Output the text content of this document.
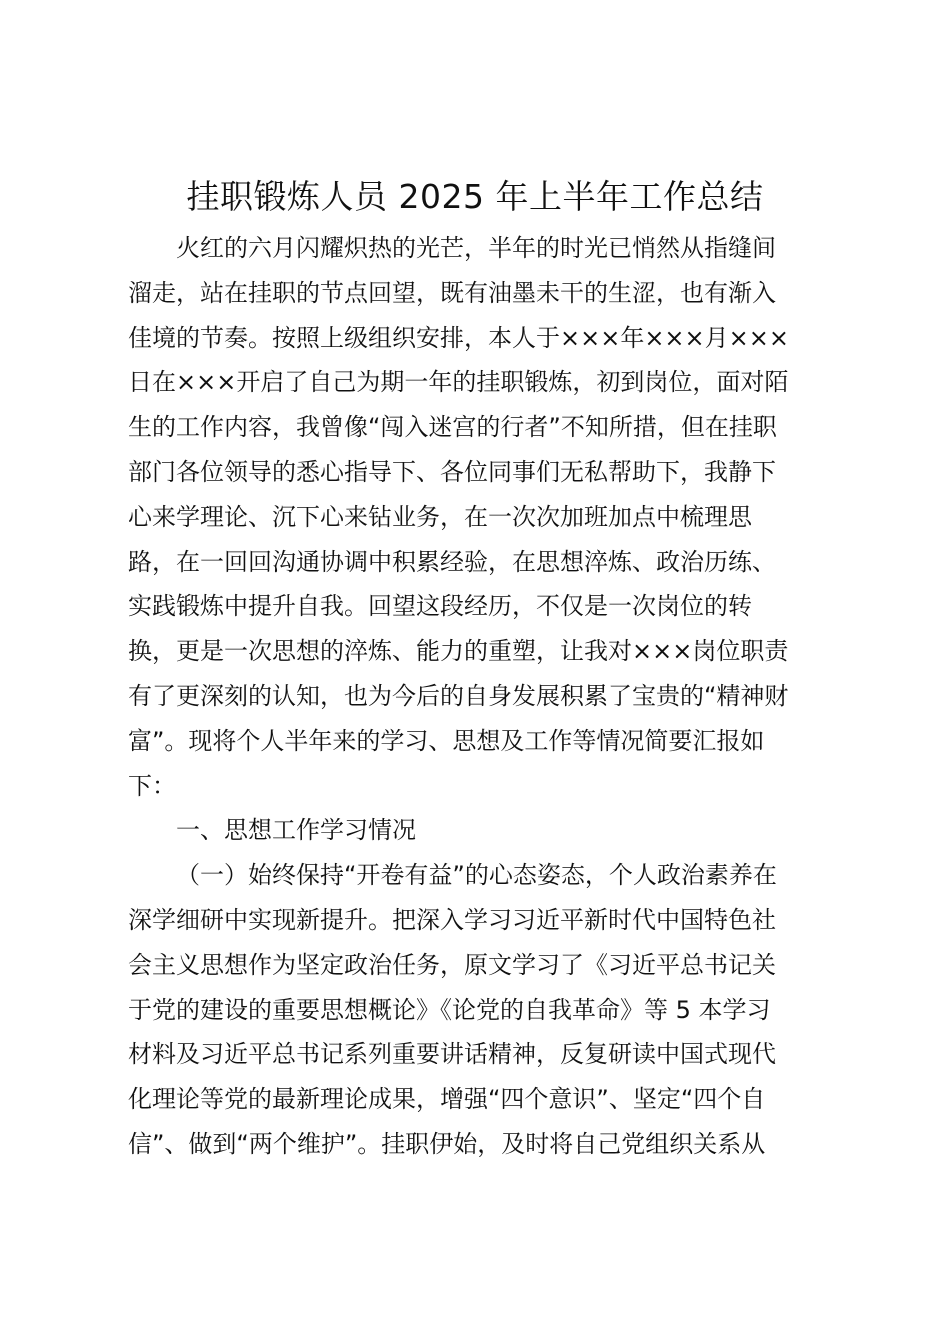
挂职锻炼人员 2025 年上半年工作总结
火红的六月闪耀炽热的光芒，半年的时光已悄然从指缝间
溜走，站在挂职的节点回望，既有油墨未干的生涩，也有渐入
佳境的节奏。按照上级组织安排，本人于×××年×××月×××
日在×××开启了自己为期一年的挂职锻炼，初到岗位，面对陌
生的工作内容，我曾像“闯入迷宫的行者”不知所措，但在挂职
部门各位领导的悉心指导下、各位同事们无私帮助下，我静下
心来学理论、沉下心来钻业务，在一次次加班加点中梳理思
路，在一回回沟通协调中积累经验，在思想淬炼、政治历练、
实践锻炼中提升自我。回望这段经历，不仅是一次岗位的转
换，更是一次思想的淬炼、能力的重塑，让我对×××岗位职责
有了更深刻的认知，也为今后的自身发展积累了宝贵的“精神财
富”。现将个人半年来的学习、思想及工作等情况简要汇报如
下：
一、思想工作学习情况
（一）始终保持“开卷有益”的心态姿态，个人政治素养在
深学细研中实现新提升。把深入学习习近平新时代中国特色社
会主义思想作为坚定政治任务，原文学习了《习近平总书记关
于党的建设的重要思想概论》《论党的自我革命》等 5 本学习
材料及习近平总书记系列重要讲话精神，反复研读中国式现代
化理论等党的最新理论成果，增强“四个意识”、坚定“四个自
信”、做到“两个维护”。挂职伊始，及时将自己党组织关系从
